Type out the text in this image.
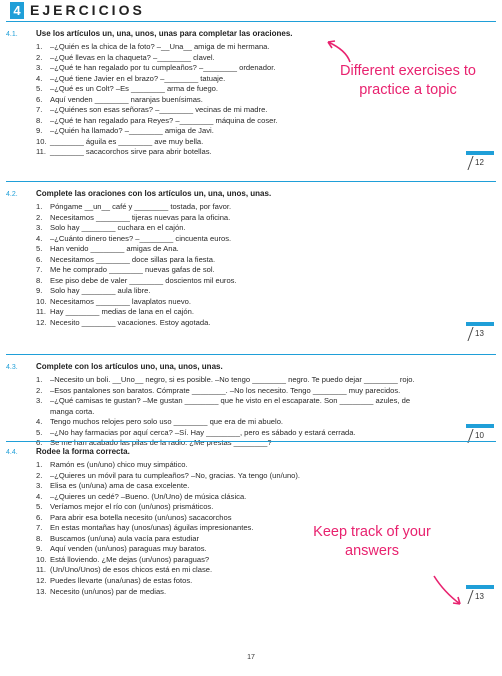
4 EJERCICIOS
4.1. Use los artículos un, una, unos, unas para completar las oraciones.
1. –¿Quién es la chica de la foto? –__Una__ amiga de mi hermana.
2. –¿Qué llevas en la chaqueta? –________ clavel.
3. –¿Qué te han regalado por tu cumpleaños? –________ ordenador.
4. –¿Qué tiene Javier en el brazo? –________ tatuaje.
5. –¿Qué es un Colt? –Es ________ arma de fuego.
6. Aquí venden ________ naranjas buenísimas.
7. –¿Quiénes son esas señoras? –________ vecinas de mi madre.
8. –¿Qué te han regalado para Reyes? –________ máquina de coser.
9. –¿Quién ha llamado? –________ amiga de Javi.
10. ________ águila es ________ ave muy bella.
11. ________ sacacorchos sirve para abrir botellas.
12
4.2. Complete las oraciones con los artículos un, una, unos, unas.
1. Póngame __un__ café y ________ tostada, por favor.
2. Necesitamos ________ tijeras nuevas para la oficina.
3. Solo hay ________ cuchara en el cajón.
4. –¿Cuánto dinero tienes? –________ cincuenta euros.
5. Han venido ________ amigas de Ana.
6. Necesitamos ________ doce sillas para la fiesta.
7. Me he comprado ________ nuevas gafas de sol.
8. Ese piso debe de valer ________ doscientos mil euros.
9. Solo hay ________ aula libre.
10. Necesitamos ________ lavaplatos nuevo.
11. Hay ________ medias de lana en el cajón.
12. Necesito ________ vacaciones. Estoy agotada.
13
4.3. Complete con los artículos uno, una, unos, unas.
1. –Necesito un boli. __Uno__ negro, si es posible. –No tengo ________ negro. Te puedo dejar ________ rojo.
2. –Esos pantalones son baratos. Cómprate ________. –No los necesito. Tengo ________ muy parecidos.
3. –¿Qué camisas te gustan? –Me gustan ________ que he visto en el escaparate. Son ________ azules, de
manga corta.
4. Tengo muchos relojes pero solo uso ________ que era de mi abuelo.
5. –¿No hay farmacias por aquí cerca? –Sí. Hay ________, pero es sábado y estará cerrada.
6. Se me han acabado las pilas de la radio. ¿Me prestas ________?
10
4.4. Rodee la forma correcta.
1. Ramón es (un/uno) chico muy simpático.
2. –¿Quieres un móvil para tu cumpleaños? –No, gracias. Ya tengo (un/uno).
3. Elisa es (un/una) ama de casa excelente.
4. –¿Quieres un cedé? –Bueno. (Un/Uno) de música clásica.
5. Veríamos mejor el río con (un/unos) prismáticos.
6. Para abrir esa botella necesito (un/unos) sacacorchos
7. En estas montañas hay (unos/unas) águilas impresionantes.
8. Buscamos (un/una) aula vacía para estudiar
9. Aquí venden (un/unos) paraguas muy baratos.
10. Está lloviendo. ¿Me dejas (un/unos) paraguas?
11. (Un/Uno/Unos) de esos chicos está en mi clase.
12. Puedes llevarte (una/unas) de estas fotos.
13. Necesito (un/unos) par de medias.
13
Different exercises to practice a topic
Keep track of your answers
17
